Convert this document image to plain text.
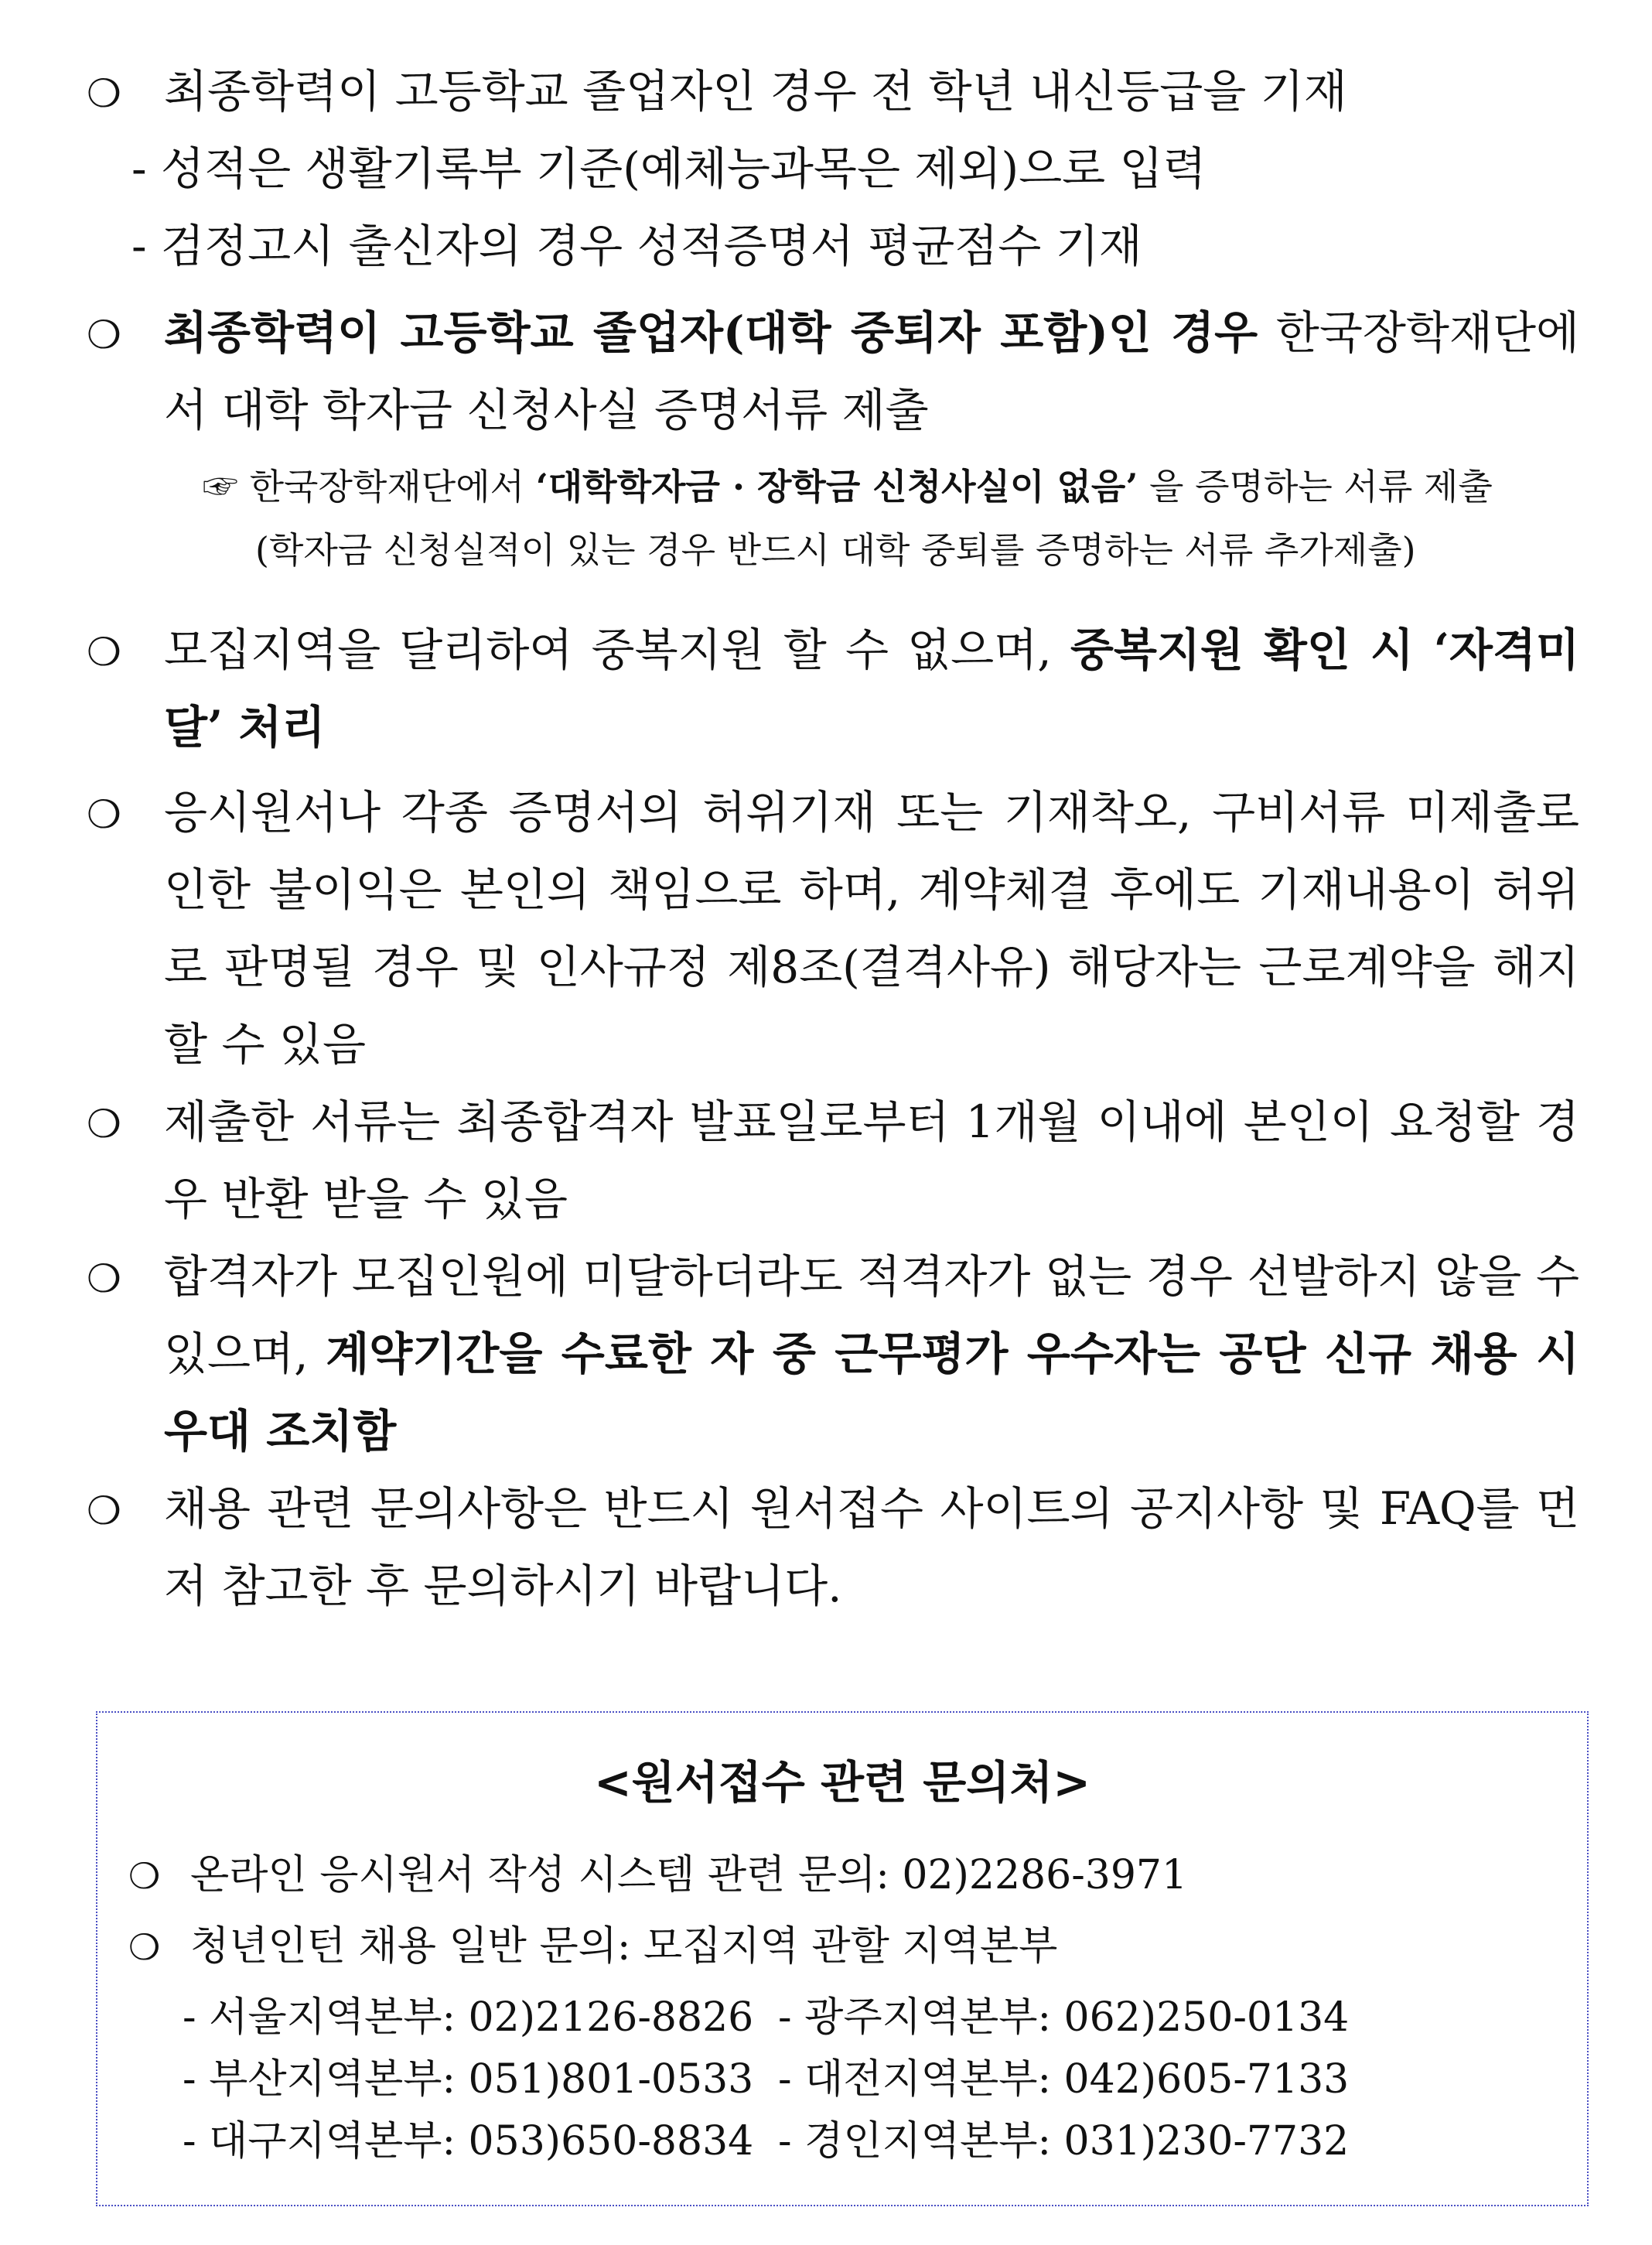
❍ 최종학력이 고등학교 졸업자인 경우 전 학년 내신등급을 기재
- 성적은 생활기록부 기준(예체능과목은 제외)으로 입력
- 검정고시 출신자의 경우 성적증명서 평균점수 기재
❍ 최종학력이 고등학교 졸업자(대학 중퇴자 포함)인 경우 한국장학재단에서 대학 학자금 신청사실 증명서류 제출
☞ 한국장학재단에서 ‘대학학자금 · 장학금 신청사실이 없음’ 을 증명하는 서류 제출
(학자금 신청실적이 있는 경우 반드시 대학 중퇴를 증명하는 서류 추가제출)
❍ 모집지역을 달리하여 중복지원 할 수 없으며, 중복지원 확인 시 ‘자격미달’ 처리
❍ 응시원서나 각종 증명서의 허위기재 또는 기재착오, 구비서류 미제출로 인한 불이익은 본인의 책임으로 하며, 계약체결 후에도 기재내용이 허위로 판명될 경우 및 인사규정 제8조(결격사유) 해당자는 근로계약을 해지할 수 있음
❍ 제출한 서류는 최종합격자 발표일로부터 1개월 이내에 본인이 요청할 경우 반환 받을 수 있음
❍ 합격자가 모집인원에 미달하더라도 적격자가 없는 경우 선발하지 않을 수 있으며, 계약기간을 수료한 자 중 근무평가 우수자는 공단 신규 채용 시 우대 조치함
❍ 채용 관련 문의사항은 반드시 원서접수 사이트의 공지사항 및 FAQ를 먼저 참고한 후 문의하시기 바랍니다.
<원서접수 관련 문의처>
❍ 온라인 응시원서 작성 시스템 관련 문의: 02)2286-3971
❍ 청년인턴 채용 일반 문의: 모집지역 관할 지역본부
- 서울지역본부: 02)2126-8826 - 광주지역본부: 062)250-0134
- 부산지역본부: 051)801-0533 - 대전지역본부: 042)605-7133
- 대구지역본부: 053)650-8834 - 경인지역본부: 031)230-7732
